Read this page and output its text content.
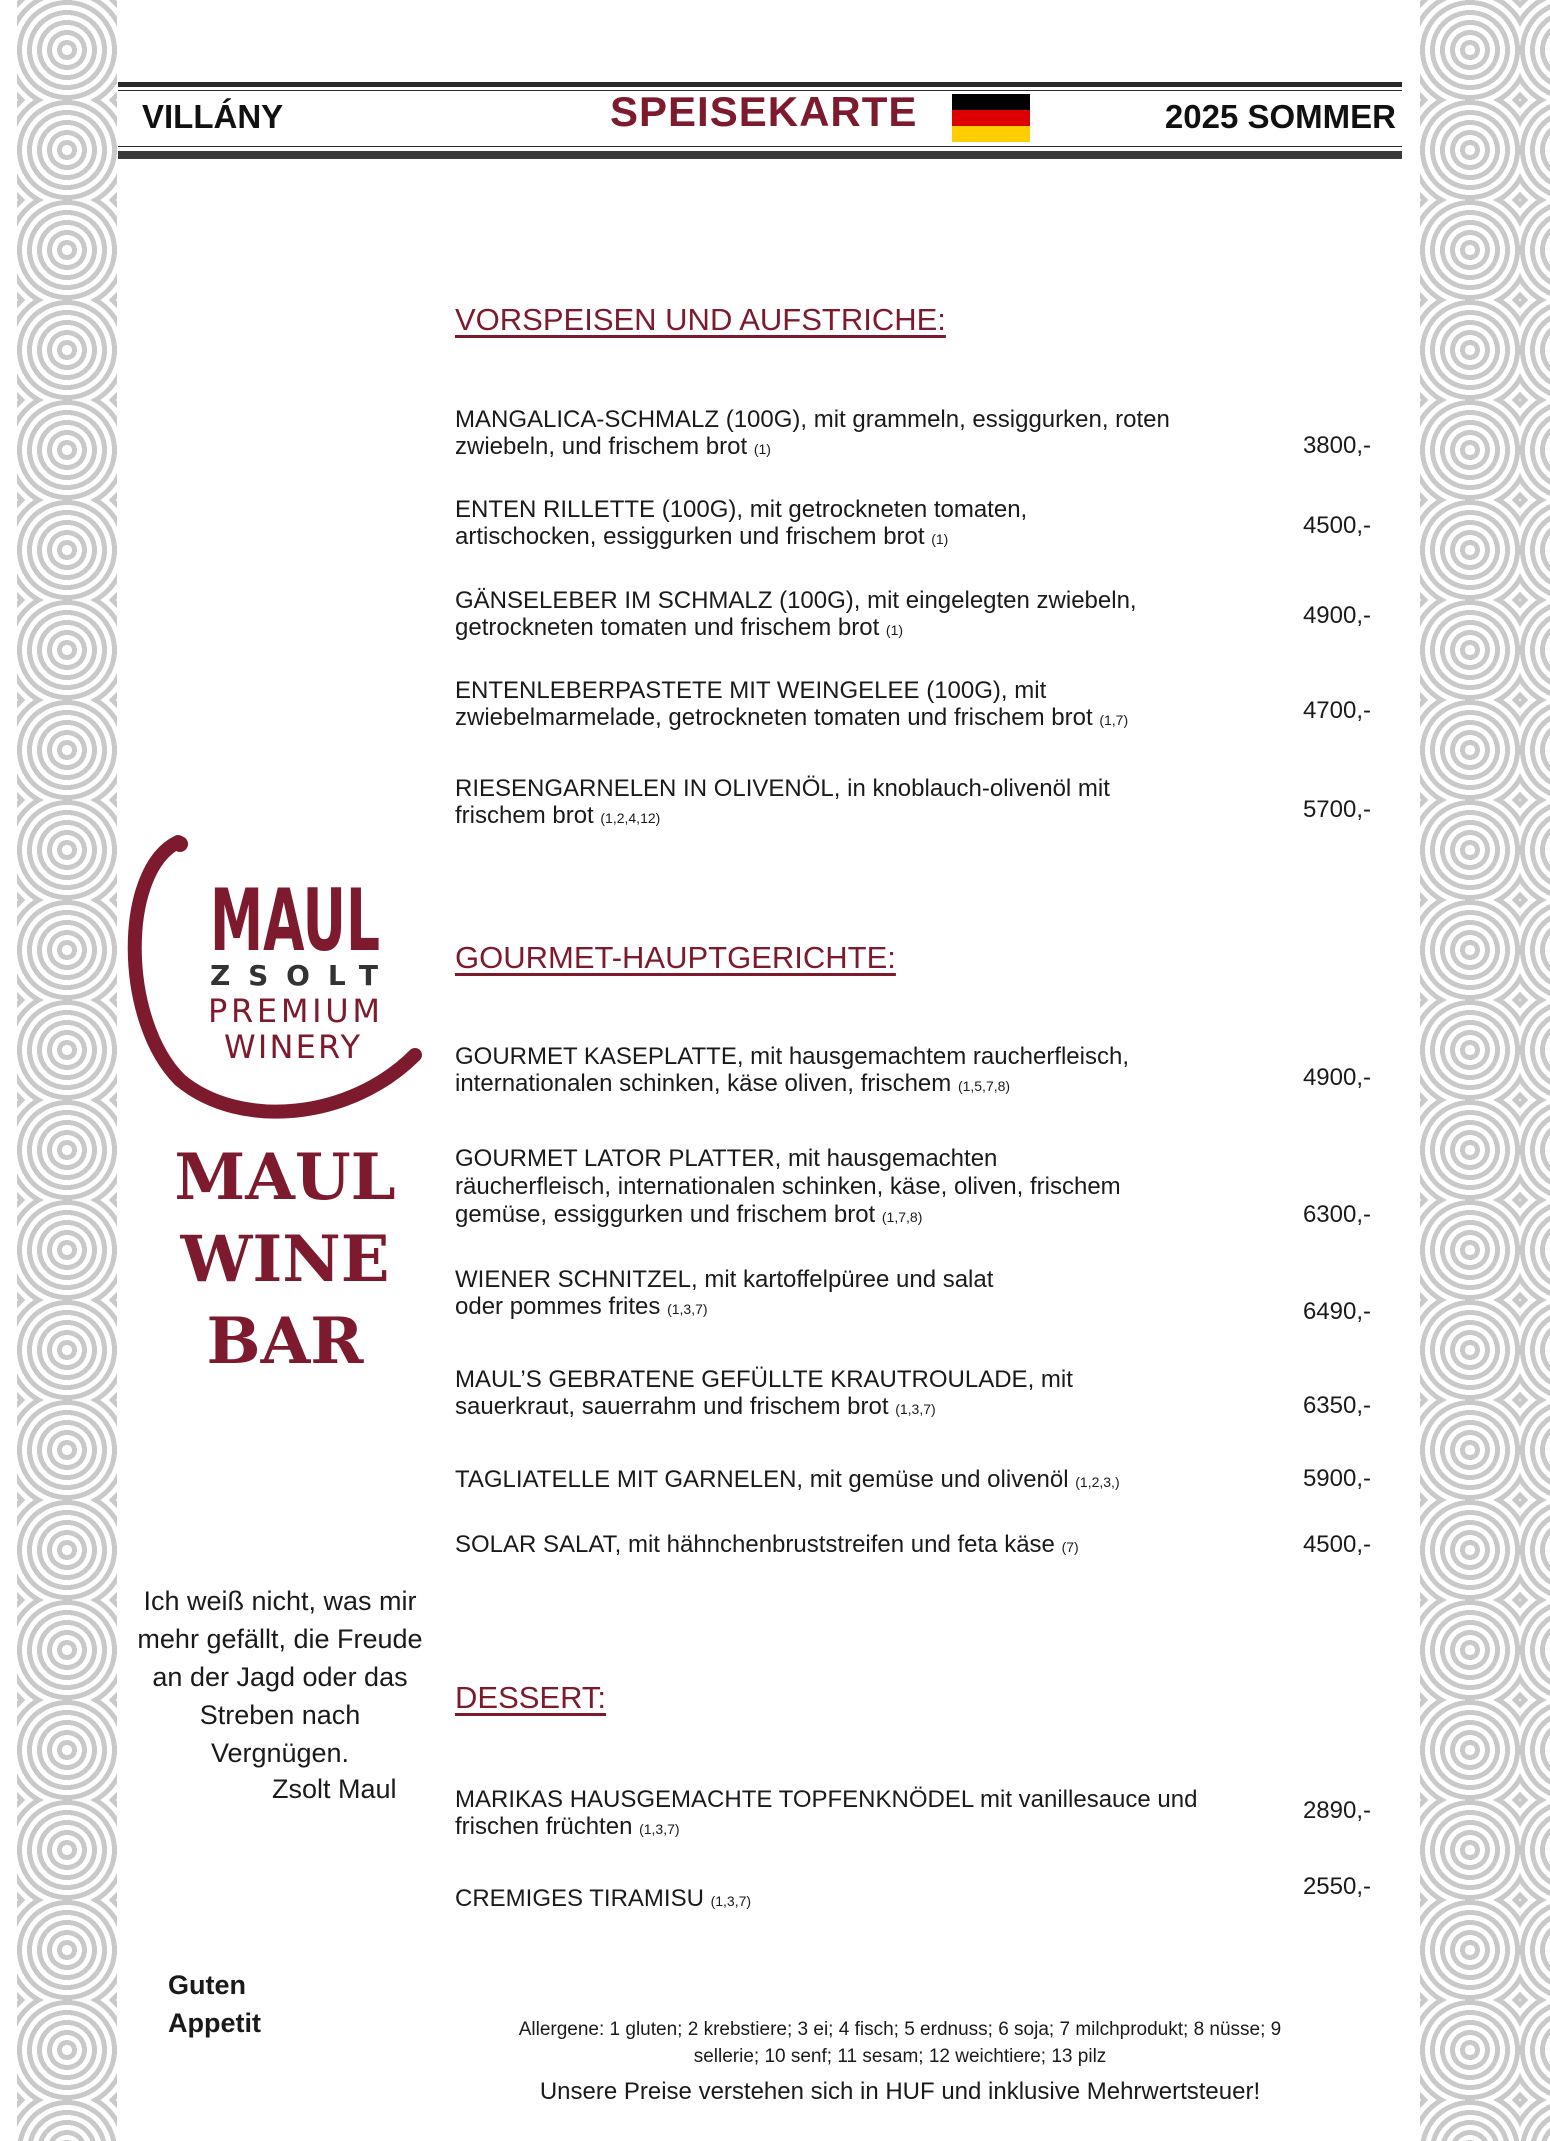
VILLÁNY	SPEISEKARTE	2025 SOMMER
VORSPEISEN UND AUFSTRICHE:
MANGALICA-SCHMALZ (100G), mit grammeln, essiggurken, roten
zwiebeln, und frischem brot (1)	3800,-
ENTEN RILLETTE (100G), mit getrockneten tomaten,
artischocken, essiggurken und frischem brot (1)	4500,-
GÄNSELEBER IM SCHMALZ (100G), mit eingelegten zwiebeln,
getrockneten tomaten und frischem brot (1)
4900,-
ENTENLEBERPASTETE MIT WEINGELEE (100G), mit
zwiebelmarmelade, getrockneten tomaten und frischem brot (1,7)	4700,-
RIESENGARNELEN IN OLIVENÖL, in knoblauch-olivenöl mit
frischem brot (1,2,4,12)	5700,-
GOURMET-HAUPTGERICHTE:
GOURMET KASEPLATTE, mit hausgemachtem raucherfleisch,
internationalen schinken, käse oliven, frischem (1,5,7,8)	4900,-
GOURMET LATOR PLATTER, mit hausgemachten
räucherfleisch, internationalen schinken, käse, oliven, frischem
gemüse, essiggurken und frischem brot (1,7,8)	6300,-
WIENER SCHNITZEL, mit kartoffelpüree und salat
oder pommes frites (1,3,7)	6490,-
MAUL’S GEBRATENE GEFÜLLTE KRAUTROULADE, mit
sauerkraut, sauerrahm und frischem brot (1,3,7)	6350,-
TAGLIATELLE MIT GARNELEN, mit gemüse und olivenöl (1,2,3,)	5900,-
SOLAR SALAT, mit hähnchenbruststreifen und feta käse (7)	4500,-
DESSERT:
MARIKAS HAUSGEMACHTE TOPFENKNÖDEL mit vanillesauce und
frischen früchten (1,3,7)
2890,-
CREMIGES TIRAMISU (1,3,7)
2550,-
MAUL
ZSOLT
PREMIUM
WINERY
MAUL
WINE
BAR
Ich weiß nicht, was mir
mehr gefällt, die Freude
an der Jagd oder das
Streben nach
Vergnügen.
Zsolt Maul
Guten
Appetit	Allergene: 1 gluten; 2 krebstiere; 3 ei; 4 fisch; 5 erdnuss; 6 soja; 7 milchprodukt; 8 nüsse; 9
sellerie; 10 senf; 11 sesam; 12 weichtiere; 13 pilz
Unsere Preise verstehen sich in HUF und inklusive Mehrwertsteuer!
